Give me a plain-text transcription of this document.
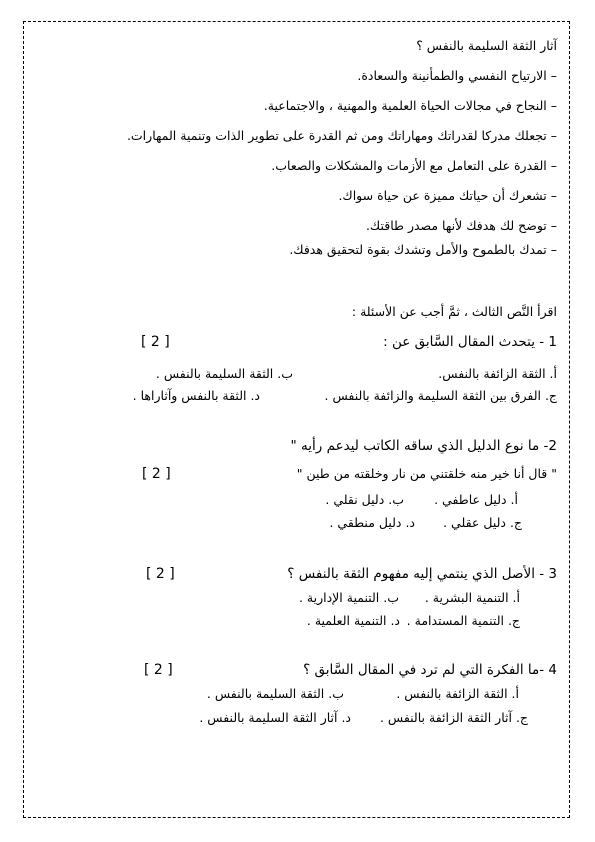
آثار الثقة السليمة بالنفس ؟
– الارتياح النفسي والطمأنينة والسعادة.
– النجاح في مجالات الحياة العلمية والمهنية ، والاجتماعية.
– تجعلك مدركا لقدراتك ومهاراتك ومن ثم القدرة على تطوير الذات وتنمية المهارات.
– القدرة على التعامل مع الأزمات والمشكلات والصعاب.
– تشعرك أن حياتك مميزة عن حياة سواك.
– توضح لك هدفك لأنها مصدر طاقتك.
– تمدك بالطموح والأمل وتشدك بقوة لتحقيق هدفك.
اقرأ النَّص الثالث ، ثمَّ أجب عن الأسئلة :
1 - يتحدث المقال السَّابق عن :
[ 2 ]
أ. الثقة الزائفة بالنفس.
ب. الثقة السليمة بالنفس .
ج. الفرق بين الثقة السليمة والزائفة بالنفس .
د. الثقة بالنفس وآثاراها .
2- ما نوع الدليل الذي ساقه الكاتب ليدعم رأيه "
" قال أنا خير منه خلقتني من نار وخلقته من طين "
[ 2 ]
أ. دليل عاطفي .
ب. دليل نقلي .
ج. دليل عقلي .
د. دليل منطقي .
3 - الأصل الذي ينتمي إليه مفهوم الثقة بالنفس ؟
[ 2 ]
أ. التنمية البشرية .
ب. التنمية الإدارية .
ج. التنمية المستدامة .
د. التنمية العلمية .
4 -ما الفكرة التي لم ترد في المقال السَّابق ؟
[ 2 ]
أ. الثقة الزائفة بالنفس .
ب. الثقة السليمة بالنفس .
ج. آثار الثقة الزائفة بالنفس .
د. آثار الثقة السليمة بالنفس .
